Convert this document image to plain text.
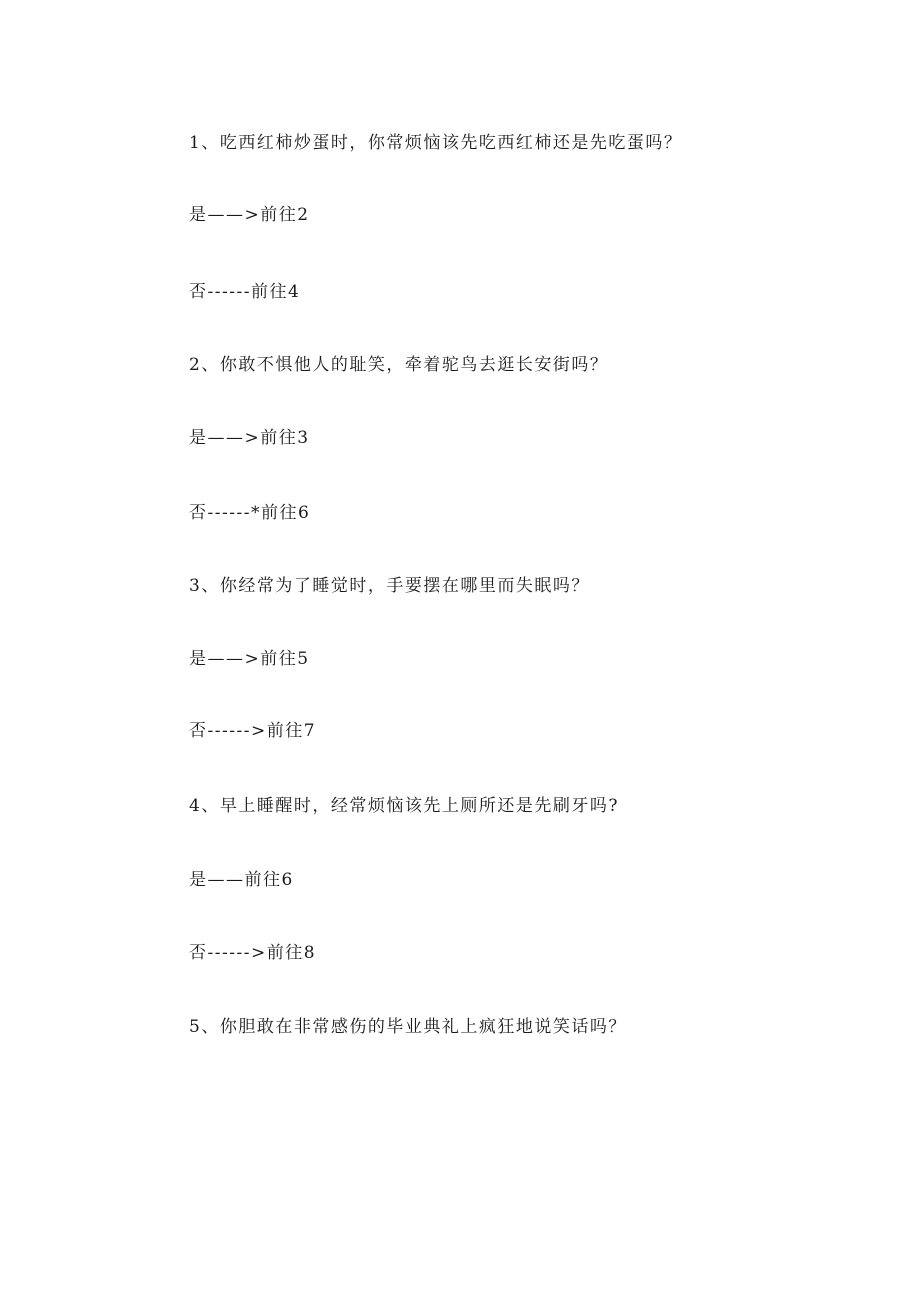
1、吃西红柿炒蛋时，你常烦恼该先吃西红柿还是先吃蛋吗？
是——>前往2
否------前往4
2、你敢不惧他人的耻笑，牵着驼鸟去逛长安街吗？
是——>前往3
否------*前往6
3、你经常为了睡觉时，手要摆在哪里而失眠吗？
是——>前往5
否------>前往7
4、早上睡醒时，经常烦恼该先上厕所还是先刷牙吗?
是——前往6
否------>前往8
5、你胆敢在非常感伤的毕业典礼上疯狂地说笑话吗？
